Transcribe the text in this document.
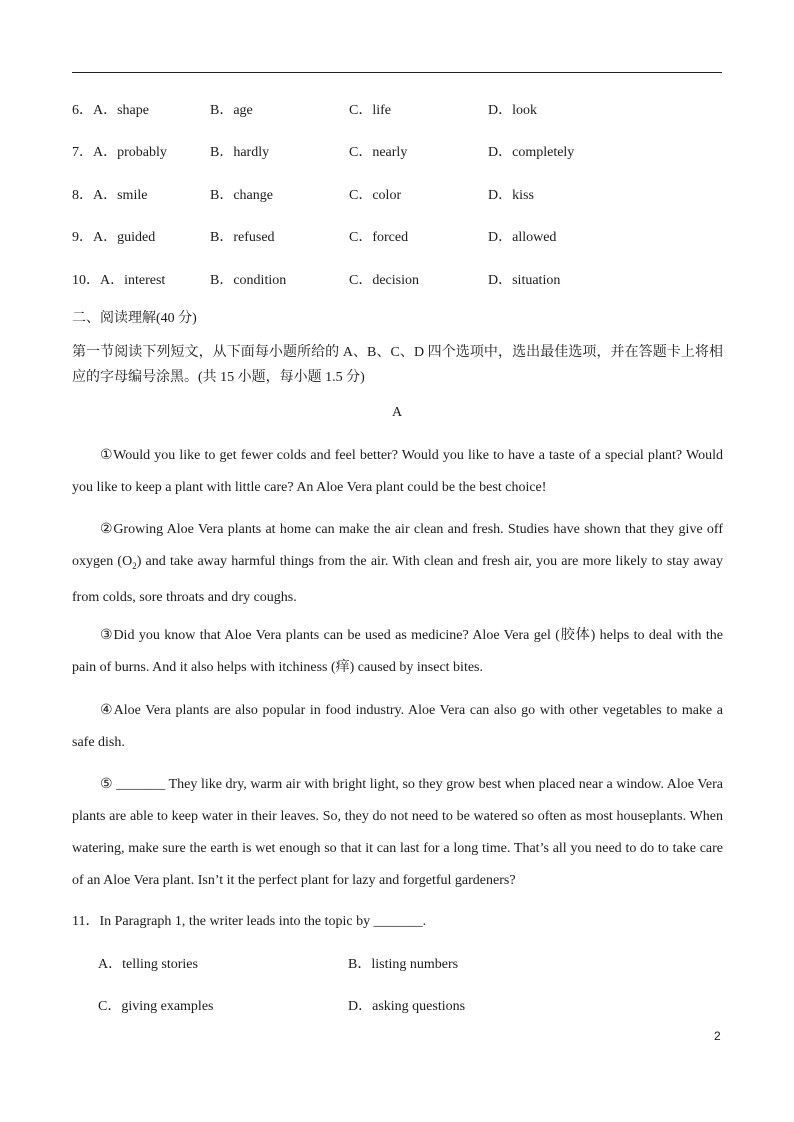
6．A．shape	B．age	C．life	D．look
7．A．probably	B．hardly	C．nearly	D．completely
8．A．smile	B．change	C．color	D．kiss
9．A．guided	B．refused	C．forced	D．allowed
10．A．interest	B．condition	C．decision	D．situation
二、阅读理解(40 分)
第一节阅读下列短文，从下面每小题所给的 A、B、C、D 四个选项中，选出最佳选项，并在答题卡上将相应的字母编号涂黑。(共 15 小题，每小题 1.5 分)
A
①Would you like to get fewer colds and feel better? Would you like to have a taste of a special plant? Would you like to keep a plant with little care? An Aloe Vera plant could be the best choice!
②Growing Aloe Vera plants at home can make the air clean and fresh. Studies have shown that they give off oxygen $(O_2)$ and take away harmful things from the air. With clean and fresh air, you are more likely to stay away from colds, sore throats and dry coughs.
③Did you know that Aloe Vera plants can be used as medicine? Aloe Vera gel (胶体) helps to deal with the pain of burns. And it also helps with itchiness (痒) caused by insect bites.
④Aloe Vera plants are also popular in food industry. Aloe Vera can also go with other vegetables to make a safe dish.
⑤ _______ They like dry, warm air with bright light, so they grow best when placed near a window. Aloe Vera plants are able to keep water in their leaves. So, they do not need to be watered so often as most houseplants. When watering, make sure the earth is wet enough so that it can last for a long time. That’s all you need to do to take care of an Aloe Vera plant. Isn’t it the perfect plant for lazy and forgetful gardeners?
11．In Paragraph 1, the writer leads into the topic by _______.
A．telling stories	B．listing numbers
C．giving examples	D．asking questions
2
